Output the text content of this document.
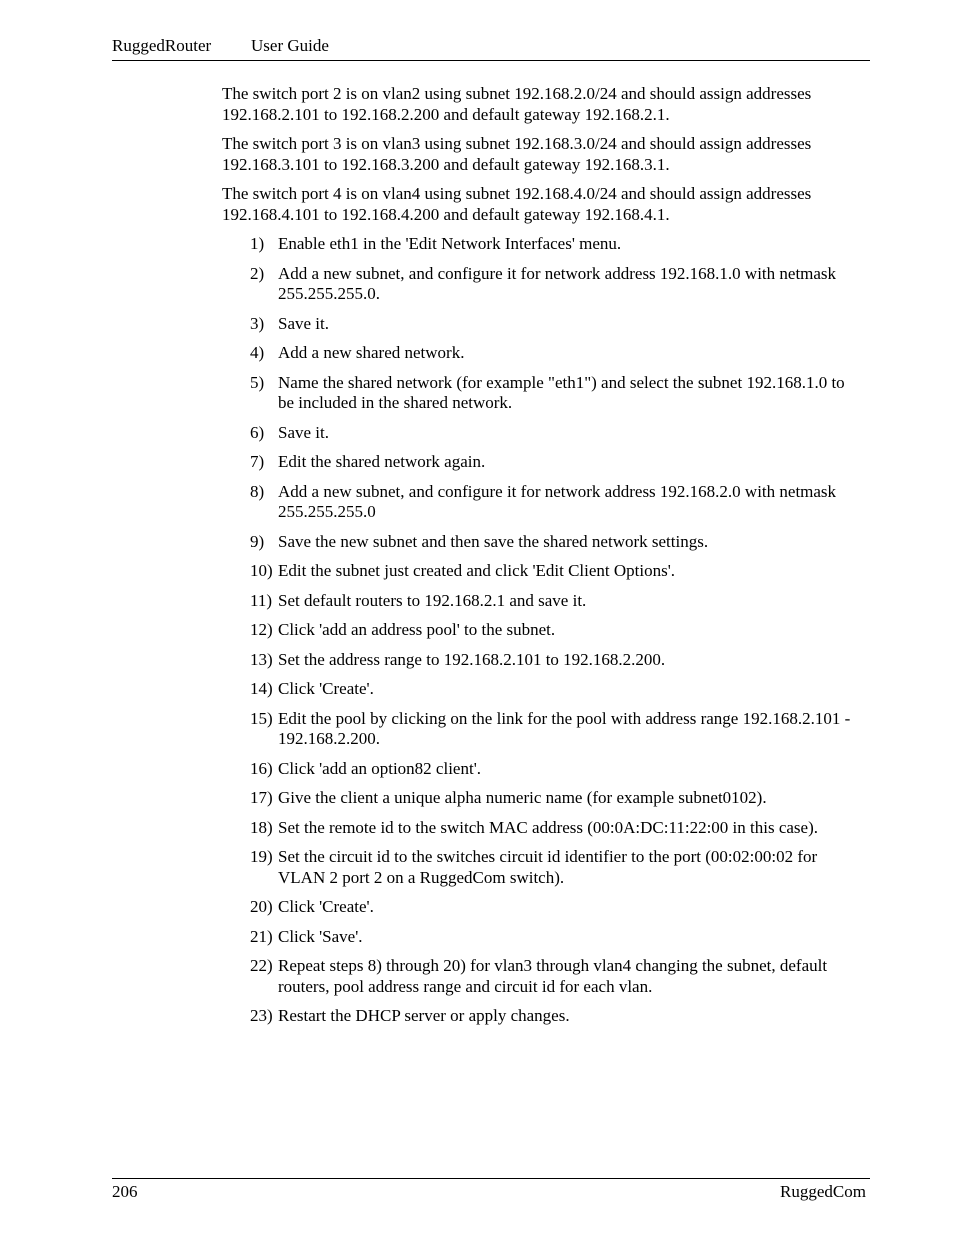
RuggedRouter User Guide

The switch port 2 is on vlan2 using subnet 192.168.2.0/24 and should assign addresses 192.168.2.101 to 192.168.2.200 and default gateway 192.168.2.1.

The switch port 3 is on vlan3 using subnet 192.168.3.0/24 and should assign addresses 192.168.3.101 to 192.168.3.200 and default gateway 192.168.3.1.

The switch port 4 is on vlan4 using subnet 192.168.4.0/24 and should assign addresses 192.168.4.101 to 192.168.4.200 and default gateway 192.168.4.1.

1) Enable eth1 in the 'Edit Network Interfaces' menu.
2) Add a new subnet, and configure it for network address 192.168.1.0 with netmask 255.255.255.0.
3) Save it.
4) Add a new shared network.
5) Name the shared network (for example "eth1") and select the subnet 192.168.1.0 to be included in the shared network.
6) Save it.
7) Edit the shared network again.
8) Add a new subnet, and configure it for network address 192.168.2.0 with netmask 255.255.255.0
9) Save the new subnet and then save the shared network settings.
10) Edit the subnet just created and click 'Edit Client Options'.
11) Set default routers to 192.168.2.1 and save it.
12) Click 'add an address pool' to the subnet.
13) Set the address range to 192.168.2.101 to 192.168.2.200.
14) Click 'Create'.
15) Edit the pool by clicking on the link for the pool with address range 192.168.2.101 - 192.168.2.200.
16) Click 'add an option82 client'.
17) Give the client a unique alpha numeric name (for example subnet0102).
18) Set the remote id to the switch MAC address (00:0A:DC:11:22:00 in this case).
19) Set the circuit id to the switches circuit id identifier to the port (00:02:00:02 for VLAN 2 port 2 on a RuggedCom switch).
20) Click 'Create'.
21) Click 'Save'.
22) Repeat steps 8) through 20) for vlan3 through vlan4 changing the subnet, default routers, pool address range and circuit id for each vlan.
23) Restart the DHCP server or apply changes.
206	RuggedCom
